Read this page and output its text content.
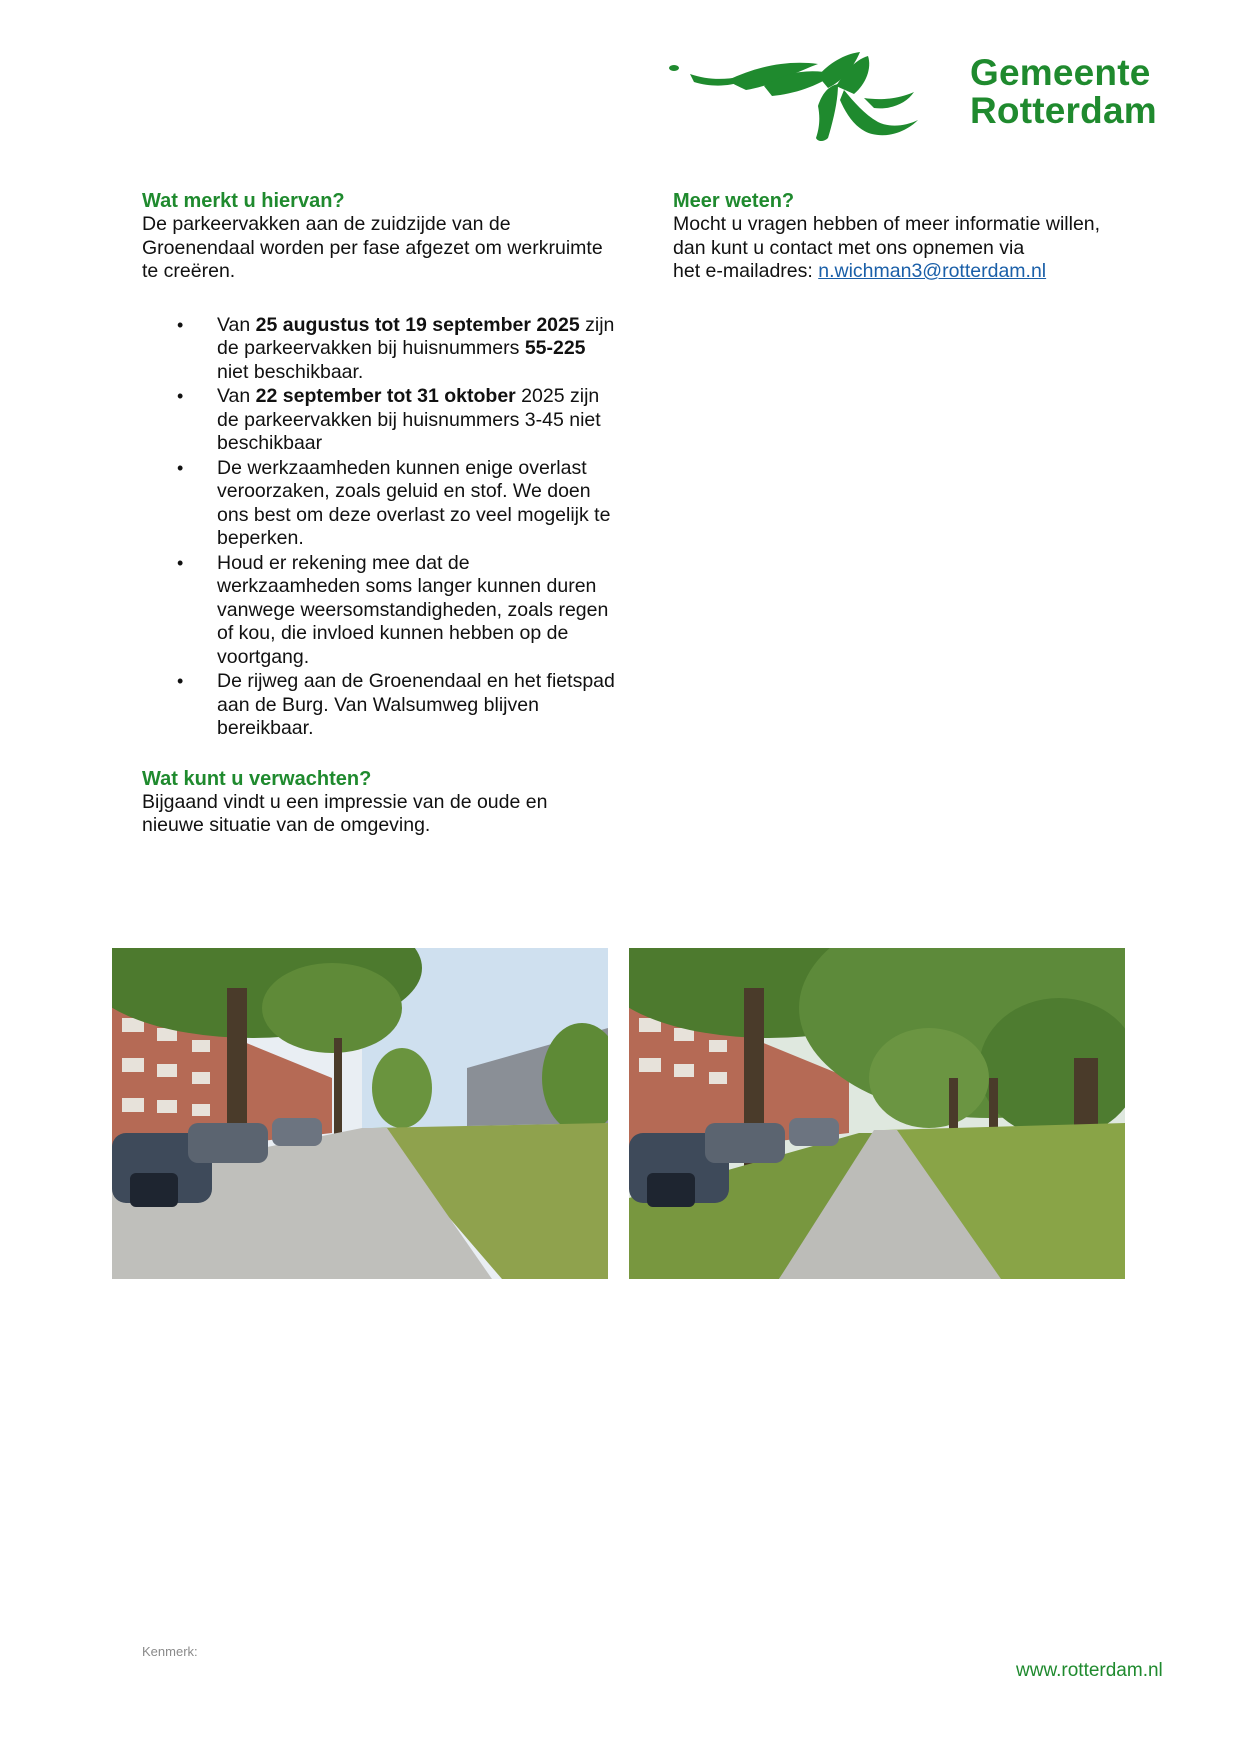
Gemeente
Rotterdam
Wat merkt u hiervan?
De parkeervakken aan de zuidzijde van de
Groenendaal worden per fase afgezet om werkruimte
te creëren.
• Van 25 augustus tot 19 september 2025 zijn
de parkeervakken bij huisnummers 55-225
niet beschikbaar.
• Van 22 september tot 31 oktober 2025 zijn
de parkeervakken bij huisnummers 3-45 niet
beschikbaar
• De werkzaamheden kunnen enige overlast
veroorzaken, zoals geluid en stof. We doen
ons best om deze overlast zo veel mogelijk te
beperken.
• Houd er rekening mee dat de
werkzaamheden soms langer kunnen duren
vanwege weersomstandigheden, zoals regen
of kou, die invloed kunnen hebben op de
voortgang.
• De rijweg aan de Groenendaal en het fietspad
aan de Burg. Van Walsumweg blijven
bereikbaar.
Wat kunt u verwachten?
Bijgaand vindt u een impressie van de oude en
nieuwe situatie van de omgeving.
Meer weten?
Mocht u vragen hebben of meer informatie willen,
dan kunt u contact met ons opnemen via
het e-mailadres: n.wichman3@rotterdam.nl
Kenmerk:
www.rotterdam.nl
